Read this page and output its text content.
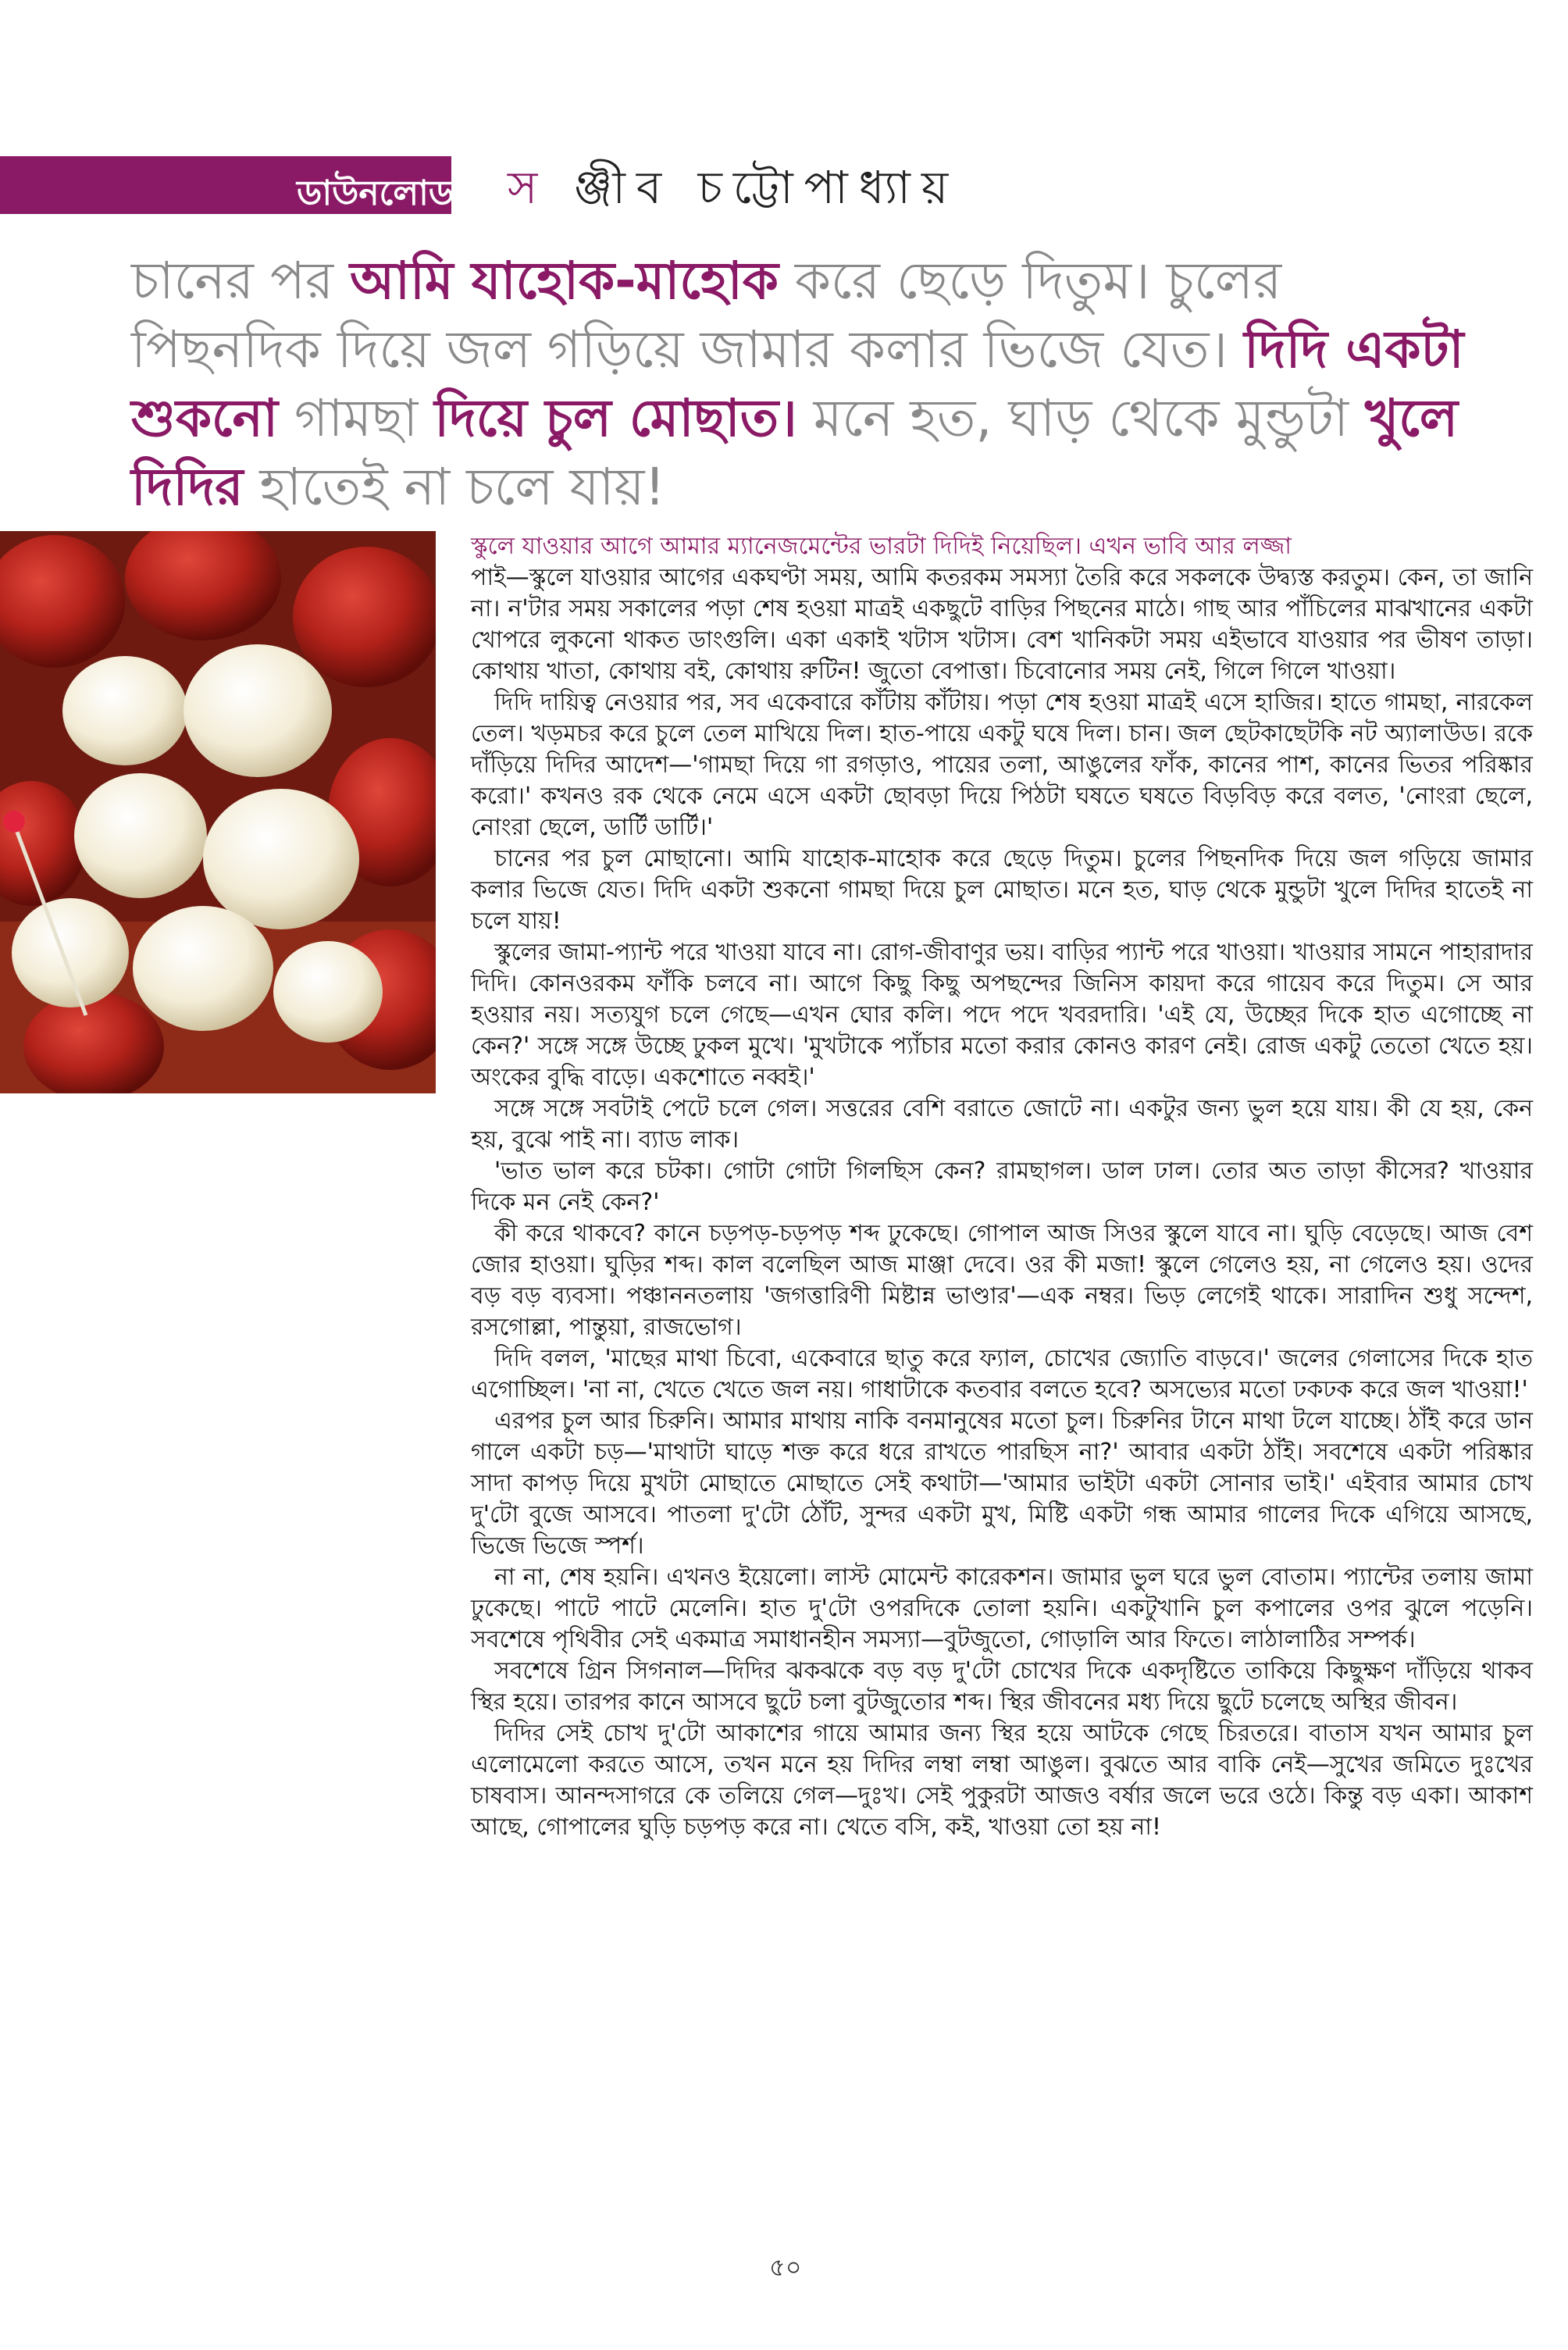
ডাউনলোড স ঞ্জীব চট্টোপাধ্যায়

চানের পর আমি যাহোক-মাহোক করে ছেড়ে দিতুম। চুলের পিছনদিক দিয়ে জল গড়িয়ে জামার কলার ভিজে যেত। দিদি একটা শুকনো গামছা দিয়ে চুল মোছাত। মনে হত, ঘাড় থেকে মুন্ডুটা খুলে দিদির হাতেই না চলে যায়!

স্কুলে যাওয়ার আগে আমার ম্যানেজমেন্টের ভারটা দিদিই নিয়েছিল। এখন ভাবি আর লজ্জা

পাই—স্কুলে যাওয়ার আগের একঘণ্টা সময়, আমি কতরকম সমস্যা তৈরি করে সকলকে উদ্ব্যস্ত করতুম। কেন, তা জানি না। ন'টার সময় সকালের পড়া শেষ হওয়া মাত্রই একছুটে বাড়ির পিছনের মাঠে। গাছ আর পাঁচিলের মাঝখানের একটা খোপরে লুকনো থাকত ডাংগুলি। একা একাই খটাস খটাস। বেশ খানিকটা সময় এইভাবে যাওয়ার পর ভীষণ তাড়া। কোথায় খাতা, কোথায় বই, কোথায় রুটিন! জুতো বেপাত্তা। চিবোনোর সময় নেই, গিলে গিলে খাওয়া।

দিদি দায়িত্ব নেওয়ার পর, সব একেবারে কাঁটায় কাঁটায়। পড়া শেষ হওয়া মাত্রই এসে হাজির। হাতে গামছা, নারকেল তেল। খড়মচর করে চুলে তেল মাখিয়ে দিল। হাত-পায়ে একটু ঘষে দিল। চান। জল ছেটকাছেটকি নট অ্যালাউড। রকে দাঁড়িয়ে দিদির আদেশ—'গামছা দিয়ে গা রগড়াও, পায়ের তলা, আঙুলের ফাঁক, কানের পাশ, কানের ভিতর পরিষ্কার করো।' কখনও রক থেকে নেমে এসে একটা ছোবড়া দিয়ে পিঠটা ঘষতে ঘষতে বিড়বিড় করে বলত, 'নোংরা ছেলে, নোংরা ছেলে, ডার্টি ডার্টি।'

চানের পর চুল মোছানো। আমি যাহোক-মাহোক করে ছেড়ে দিতুম। চুলের পিছনদিক দিয়ে জল গড়িয়ে জামার কলার ভিজে যেত। দিদি একটা শুকনো গামছা দিয়ে চুল মোছাত। মনে হত, ঘাড় থেকে মুন্ডুটা খুলে দিদির হাতেই না চলে যায়!

স্কুলের জামা-প্যান্ট পরে খাওয়া যাবে না। রোগ-জীবাণুর ভয়। বাড়ির প্যান্ট পরে খাওয়া। খাওয়ার সামনে পাহারাদার দিদি। কোনওরকম ফাঁকি চলবে না। আগে কিছু কিছু অপছন্দের জিনিস কায়দা করে গায়েব করে দিতুম। সে আর হওয়ার নয়। সত্যযুগ চলে গেছে—এখন ঘোর কলি। পদে পদে খবরদারি। 'এই যে, উচ্ছের দিকে হাত এগোচ্ছে না কেন?' সঙ্গে সঙ্গে উচ্ছে ঢুকল মুখে। 'মুখটাকে প্যাঁচার মতো করার কোনও কারণ নেই। রোজ একটু তেতো খেতে হয়। অংকের বুদ্ধি বাড়ে। একশোতে নব্বই।'

সঙ্গে সঙ্গে সবটাই পেটে চলে গেল। সত্তরের বেশি বরাতে জোটে না। একটুর জন্য ভুল হয়ে যায়। কী যে হয়, কেন হয়, বুঝে পাই না। ব্যাড লাক।

'ভাত ভাল করে চটকা। গোটা গোটা গিলছিস কেন? রামছাগল। ডাল ঢাল। তোর অত তাড়া কীসের? খাওয়ার দিকে মন নেই কেন?'

কী করে থাকবে? কানে চড়পড়-চড়পড় শব্দ ঢুকেছে। গোপাল আজ সিওর স্কুলে যাবে না। ঘুড়ি বেড়েছে। আজ বেশ জোর হাওয়া। ঘুড়ির শব্দ। কাল বলেছিল আজ মাঞ্জা দেবে। ওর কী মজা! স্কুলে গেলেও হয়, না গেলেও হয়। ওদের বড় বড় ব্যবসা। পঞ্চাননতলায় 'জগত্তারিণী মিষ্টান্ন ভাণ্ডার'—এক নম্বর। ভিড় লেগেই থাকে। সারাদিন শুধু সন্দেশ, রসগোল্লা, পান্তুয়া, রাজভোগ।

দিদি বলল, 'মাছের মাথা চিবো, একেবারে ছাতু করে ফ্যাল, চোখের জ্যোতি বাড়বে।' জলের গেলাসের দিকে হাত এগোচ্ছিল। 'না না, খেতে খেতে জল নয়। গাধাটাকে কতবার বলতে হবে? অসভ্যের মতো ঢকঢক করে জল খাওয়া!'

এরপর চুল আর চিরুনি। আমার মাথায় নাকি বনমানুষের মতো চুল। চিরুনির টানে মাথা টলে যাচ্ছে। ঠাঁই করে ডান গালে একটা চড়—'মাথাটা ঘাড়ে শক্ত করে ধরে রাখতে পারছিস না?' আবার একটা ঠাঁই। সবশেষে একটা পরিষ্কার সাদা কাপড় দিয়ে মুখটা মোছাতে মোছাতে সেই কথাটা—'আমার ভাইটা একটা সোনার ভাই।' এইবার আমার চোখ দু'টো বুজে আসবে। পাতলা দু'টো ঠোঁট, সুন্দর একটা মুখ, মিষ্টি একটা গন্ধ আমার গালের দিকে এগিয়ে আসছে, ভিজে ভিজে স্পর্শ।

না না, শেষ হয়নি। এখনও ইয়েলো। লাস্ট মোমেন্ট কারেকশন। জামার ভুল ঘরে ভুল বোতাম। প্যান্টের তলায় জামা ঢুকেছে। পাটে পাটে মেলেনি। হাত দু'টো ওপরদিকে তোলা হয়নি। একটুখানি চুল কপালের ওপর ঝুলে পড়েনি। সবশেষে পৃথিবীর সেই একমাত্র সমাধানহীন সমস্যা—বুটজুতো, গোড়ালি আর ফিতে। লাঠালাঠির সম্পর্ক।

সবশেষে গ্রিন সিগনাল—দিদির ঝকঝকে বড় বড় দু'টো চোখের দিকে একদৃষ্টিতে তাকিয়ে কিছুক্ষণ দাঁড়িয়ে থাকব স্থির হয়ে। তারপর কানে আসবে ছুটে চলা বুটজুতোর শব্দ। স্থির জীবনের মধ্য দিয়ে ছুটে চলেছে অস্থির জীবন।

দিদির সেই চোখ দু'টো আকাশের গায়ে আমার জন্য স্থির হয়ে আটকে গেছে চিরতরে। বাতাস যখন আমার চুল এলোমেলো করতে আসে, তখন মনে হয় দিদির লম্বা লম্বা আঙুল। বুঝতে আর বাকি নেই—সুখের জমিতে দুঃখের চাষবাস। আনন্দসাগরে কে তলিয়ে গেল—দুঃখ। সেই পুকুরটা আজও বর্ষার জলে ভরে ওঠে। কিন্তু বড় একা। আকাশ আছে, গোপালের ঘুড়ি চড়পড় করে না। খেতে বসি, কই, খাওয়া তো হয় না!

৫০
